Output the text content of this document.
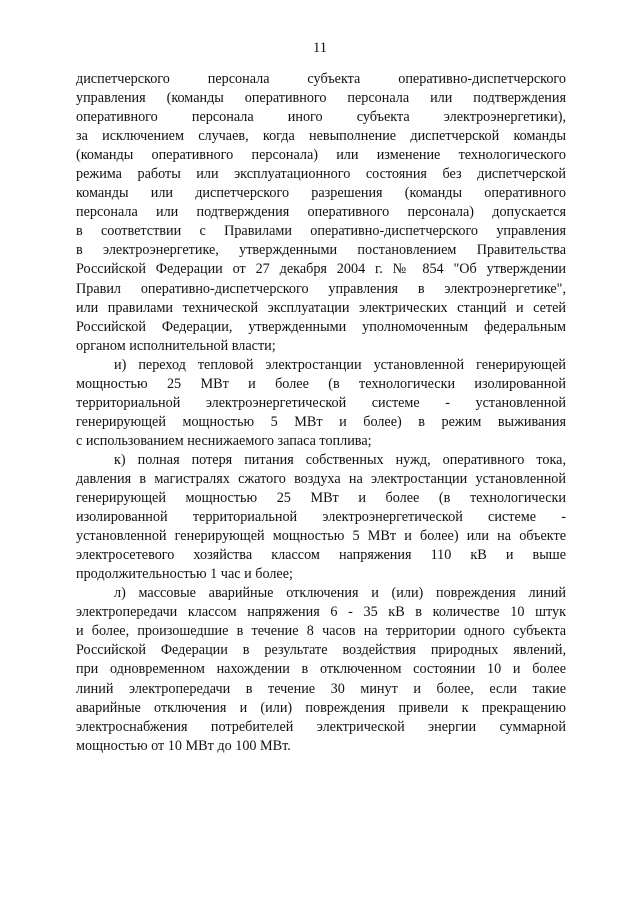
11
диспетчерского персонала субъекта оперативно-диспетчерского
управления (команды оперативного персонала или подтверждения
оперативного персонала иного субъекта электроэнергетики),
за исключением случаев, когда невыполнение диспетчерской команды
(команды оперативного персонала) или изменение технологического
режима работы или эксплуатационного состояния без диспетчерской
команды или диспетчерского разрешения (команды оперативного
персонала или подтверждения оперативного персонала) допускается
в соответствии с Правилами оперативно-диспетчерского управления
в электроэнергетике, утвержденными постановлением Правительства
Российской Федерации от 27 декабря 2004 г. № 854 "Об утверждении
Правил оперативно-диспетчерского управления в электроэнергетике",
или правилами технической эксплуатации электрических станций и сетей
Российской Федерации, утвержденными уполномоченным федеральным
органом исполнительной власти;
и) переход тепловой электростанции установленной генерирующей
мощностью 25 МВт и более (в технологически изолированной
территориальной электроэнергетической системе - установленной
генерирующей мощностью 5 МВт и более) в режим выживания
с использованием неснижаемого запаса топлива;
к) полная потеря питания собственных нужд, оперативного тока,
давления в магистралях сжатого воздуха на электростанции установленной
генерирующей мощностью 25 МВт и более (в технологически
изолированной территориальной электроэнергетической системе -
установленной генерирующей мощностью 5 МВт и более) или на объекте
электросетевого хозяйства классом напряжения 110 кВ и выше
продолжительностью 1 час и более;
л) массовые аварийные отключения и (или) повреждения линий
электропередачи классом напряжения 6 - 35 кВ в количестве 10 штук
и более, произошедшие в течение 8 часов на территории одного субъекта
Российской Федерации в результате воздействия природных явлений,
при одновременном нахождении в отключенном состоянии 10 и более
линий электропередачи в течение 30 минут и более, если такие
аварийные отключения и (или) повреждения привели к прекращению
электроснабжения потребителей электрической энергии суммарной
мощностью от 10 МВт до 100 МВт.
